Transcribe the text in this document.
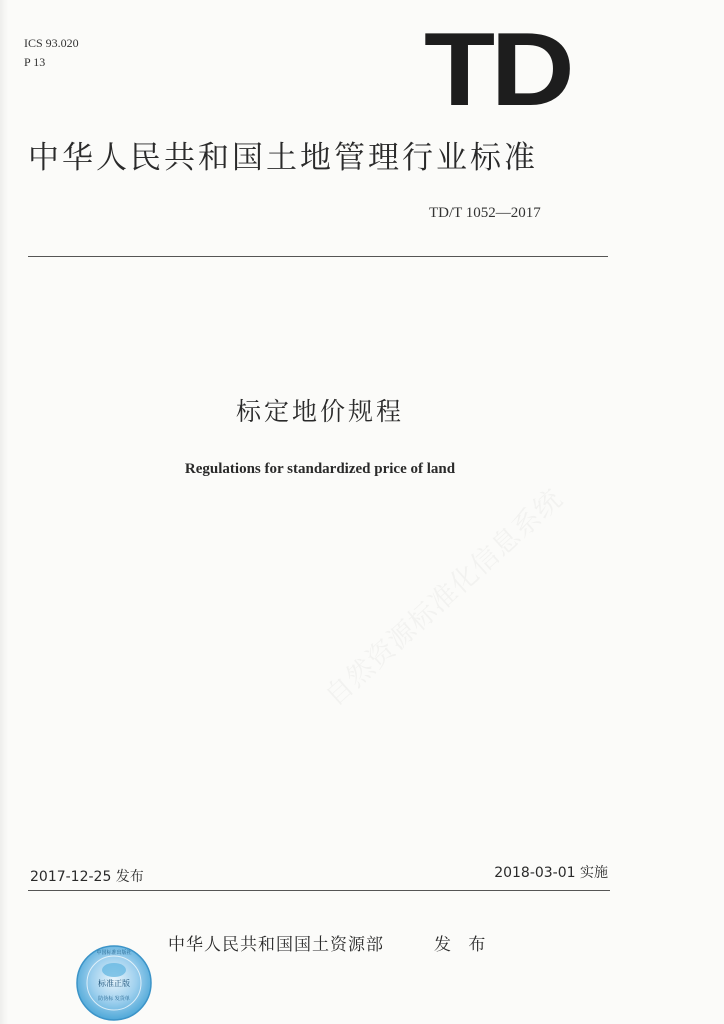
ICS 93.020
P 13	TD
中华人民共和国土地管理行业标准
TD/T 1052—2017
标定地价规程
Regulations for standardized price of land
自然资源标准化信息系统
2017-12-25 发布	2018-03-01 实施
中华人民共和国国土资源部	发 布
中国标准出版社
标准正版
防伪标 发货单
